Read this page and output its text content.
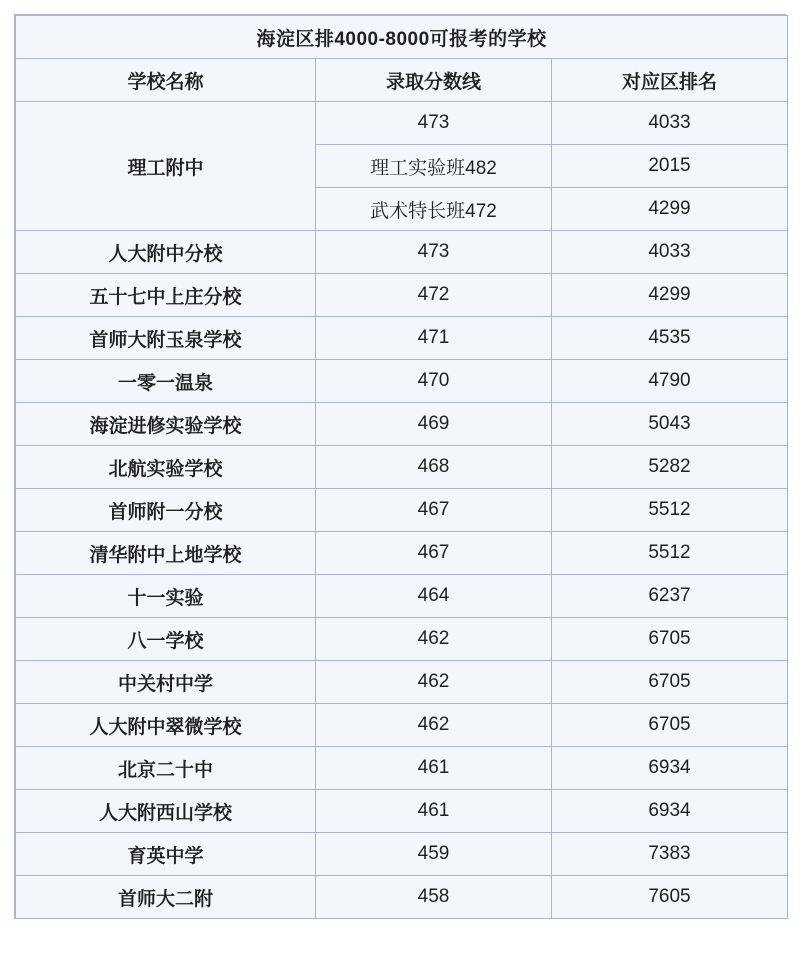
海淀区排4000-8000可报考的学校		
学校名称	录取分数线	对应区排名
理工附中	473	4033
	理工实验班482	2015
	武术特长班472	4299
人大附中分校	473	4033
五十七中上庄分校	472	4299
首师大附玉泉学校	471	4535
一零一温泉	470	4790
海淀进修实验学校	469	5043
北航实验学校	468	5282
首师附一分校	467	5512
清华附中上地学校	467	5512
十一实验	464	6237
八一学校	462	6705
中关村中学	462	6705
人大附中翠微学校	462	6705
北京二十中	461	6934
人大附西山学校	461	6934
育英中学	459	7383
首师大二附	458	7605
